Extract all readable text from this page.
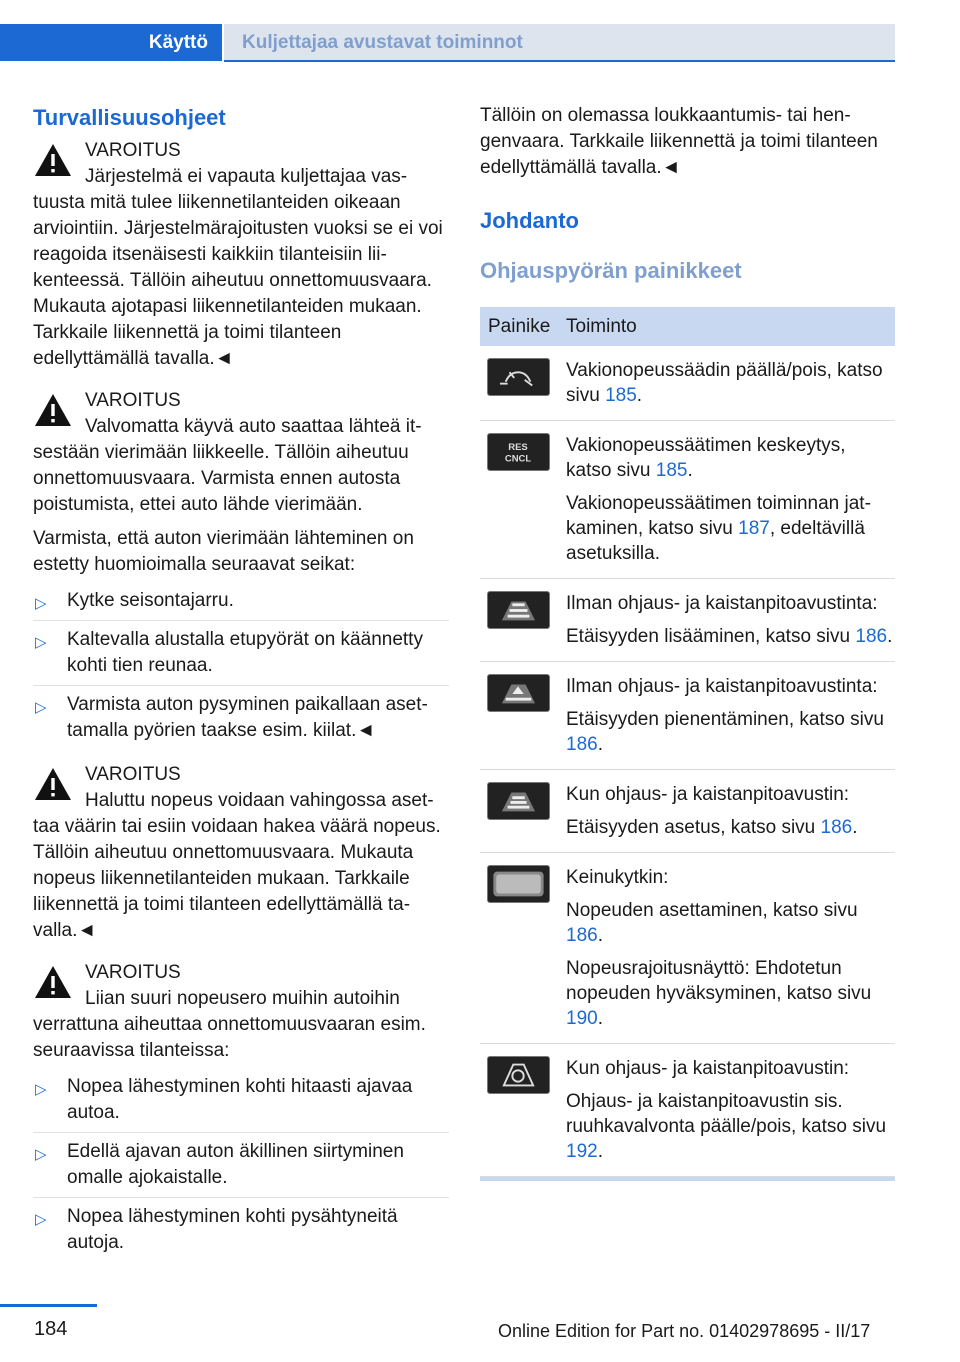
Käyttö Kuljettajaa avustavat toiminnot
Turvallisuusohjeet
VAROITUS

Järjestelmä ei vapauta kuljettajaa vastuusta mitä tulee liikennetilanteiden oikeaan arviointiin. Järjestelmärajoitusten vuoksi se ei voi reagoida itsenäisesti kaikkiin tilanteisiin liikenteessä. Tällöin aiheutuu onnettomuusvaara. Mukauta ajotapasi liikennetilanteiden mukaan. Tarkkaile liikennettä ja toimi tilanteen edellyttämällä tavalla.◄

VAROITUS

Valvomatta käyvä auto saattaa lähteä itsestään vierimään liikkeelle. Tällöin aiheutuu onnettomuusvaara. Varmista ennen autosta poistumista, ettei auto lähde vierimään.

Varmista, että auton vierimään lähteminen on estetty huomioimalla seuraavat seikat:

▷ Kytke seisontajarru.
▷ Kaltevalla alustalla etupyörät on käännetty kohti tien reunaa.
▷ Varmista auton pysyminen paikallaan asettamalla pyörien taakse esim. kiilat.◄
VAROITUS

Haluttu nopeus voidaan vahingossa asettaa väärin tai esiin voidaan hakea väärä nopeus. Tällöin aiheutuu onnettomuusvaara. Mukauta nopeus liikennetilanteiden mukaan. Tarkkaile liikennettä ja toimi tilanteen edellyttämällä tavalla.◄

VAROITUS

Liian suuri nopeusero muihin autoihin verrattuna aiheuttaa onnettomuusvaaran esim. seuraavissa tilanteissa:

▷ Nopea lähestyminen kohti hitaasti ajavaa autoa.
▷ Edellä ajavan auton äkillinen siirtyminen omalle ajokaistalle.
▷ Nopea lähestyminen kohti pysähtyneitä autoja.

Tällöin on olemassa loukkaantumis- tai hengenvaara. Tarkkaile liikennettä ja toimi tilanteen edellyttämällä tavalla.◄

Johdanto
Ohjauspyörän painikkeet
Painike Toiminto

Vakionopeussäädin päällä/pois, katso sivu 185.

RES
CNCL

Vakionopeussäätimen keskeytys, katso sivu 185.

Vakionopeussäätimen toiminnan jatkaminen, katso sivu 187, edeltävillä asetuksilla.

Ilman ohjaus- ja kaistanpitoavustinta:

Etäisyyden lisääminen, katso sivu 186.

Ilman ohjaus- ja kaistanpitoavustinta:

Etäisyyden pienentäminen, katso sivu 186.

Kun ohjaus- ja kaistanpitoavustin:

Etäisyyden asetus, katso sivu 186.

Keinukytkin:

Nopeuden asettaminen, katso sivu 186.

Nopeusrajoitusnäyttö: Ehdotetun nopeuden hyväksyminen, katso sivu 190.

Kun ohjaus- ja kaistanpitoavustin:

Ohjaus- ja kaistanpitoavustin sis. ruuhkavalvonta päälle/pois, katso sivu 192.

184	Online Edition for Part no. 01402978695 - II/17
